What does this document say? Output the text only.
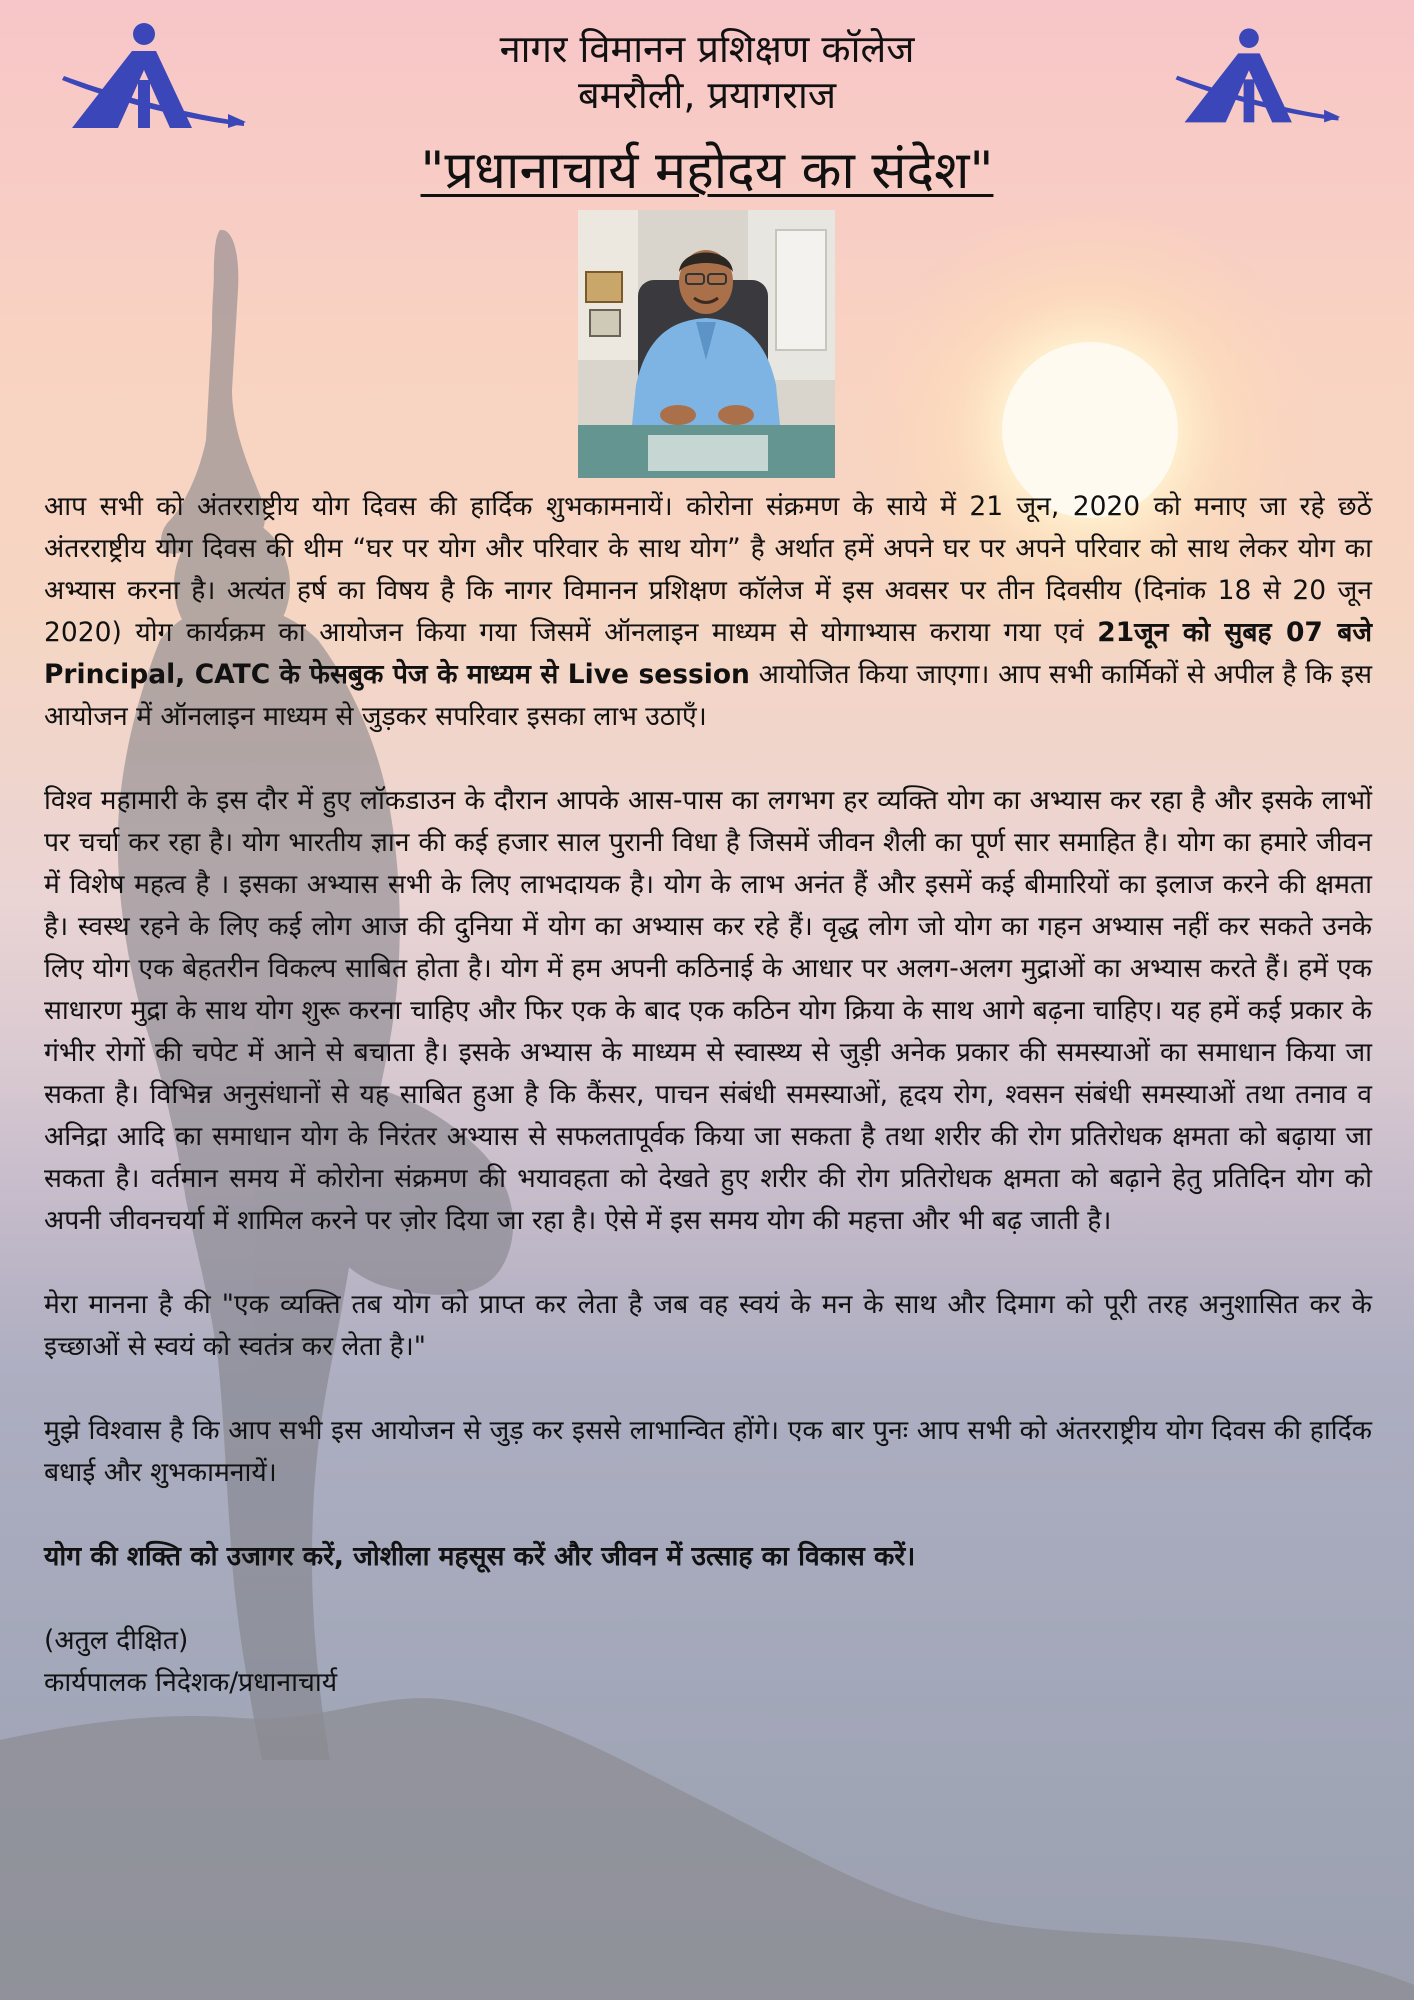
नागर विमानन प्रशिक्षण कॉलेज
बमरौली, प्रयागराज
"प्रधानाचार्य महोदय का संदेश"

आप सभी को अंतरराष्ट्रीय योग दिवस की हार्दिक शुभकामनायें। कोरोना संक्रमण के साये में 21 जून, 2020 को मनाए जा रहे छठें अंतरराष्ट्रीय योग दिवस की थीम “घर पर योग और परिवार के साथ योग” है अर्थात हमें अपने घर पर अपने परिवार को साथ लेकर योग का अभ्यास करना है। अत्यंत हर्ष का विषय है कि नागर विमानन प्रशिक्षण कॉलेज में इस अवसर पर तीन दिवसीय (दिनांक 18 से 20 जून 2020) योग कार्यक्रम का आयोजन किया गया जिसमें ऑनलाइन माध्यम से योगाभ्यास कराया गया एवं 21जून को सुबह 07 बजे Principal, CATC के फेसबुक पेज के माध्यम से Live session आयोजित किया जाएगा। आप सभी कार्मिकों से अपील है कि इस आयोजन में ऑनलाइन माध्यम से जुड़कर सपरिवार इसका लाभ उठाएँ।

विश्व महामारी के इस दौर में हुए लॉकडाउन के दौरान आपके आस-पास का लगभग हर व्यक्ति योग का अभ्यास कर रहा है और इसके लाभों पर चर्चा कर रहा है। योग भारतीय ज्ञान की कई हजार साल पुरानी विधा है जिसमें जीवन शैली का पूर्ण सार समाहित है। योग का हमारे जीवन में विशेष महत्व है । इसका अभ्यास सभी के लिए लाभदायक है। योग के लाभ अनंत हैं और इसमें कई बीमारियों का इलाज करने की क्षमता है। स्वस्थ रहने के लिए कई लोग आज की दुनिया में योग का अभ्यास कर रहे हैं। वृद्ध लोग जो योग का गहन अभ्यास नहीं कर सकते उनके लिए योग एक बेहतरीन विकल्प साबित होता है। योग में हम अपनी कठिनाई के आधार पर अलग-अलग मुद्राओं का अभ्यास करते हैं। हमें एक साधारण मुद्रा के साथ योग शुरू करना चाहिए और फिर एक के बाद एक कठिन योग क्रिया के साथ आगे बढ़ना चाहिए। यह हमें कई प्रकार के गंभीर रोगों की चपेट में आने से बचाता है। इसके अभ्यास के माध्यम से स्वास्थ्य से जुड़ी अनेक प्रकार की समस्याओं का समाधान किया जा सकता है। विभिन्न अनुसंधानों से यह साबित हुआ है कि कैंसर, पाचन संबंधी समस्याओं, हृदय रोग, श्वसन संबंधी समस्याओं तथा तनाव व अनिद्रा आदि का समाधान योग के निरंतर अभ्यास से सफलतापूर्वक किया जा सकता है तथा शरीर की रोग प्रतिरोधक क्षमता को बढ़ाया जा सकता है। वर्तमान समय में कोरोना संक्रमण की भयावहता को देखते हुए शरीर की रोग प्रतिरोधक क्षमता को बढ़ाने हेतु प्रतिदिन योग को अपनी जीवनचर्या में शामिल करने पर ज़ोर दिया जा रहा है। ऐसे में इस समय योग की महत्ता और भी बढ़ जाती है।

मेरा मानना है की "एक व्यक्ति तब योग को प्राप्त कर लेता है जब वह स्वयं के मन के साथ और दिमाग को पूरी तरह अनुशासित कर के इच्छाओं से स्वयं को स्वतंत्र कर लेता है।"

मुझे विश्वास है कि आप सभी इस आयोजन से जुड़ कर इससे लाभान्वित होंगे। एक बार पुनः आप सभी को अंतरराष्ट्रीय योग दिवस की हार्दिक बधाई और शुभकामनायें।

योग की शक्ति को उजागर करें, जोशीला महसूस करें और जीवन में उत्साह का विकास करें।

(अतुल दीक्षित)

कार्यपालक निदेशक/प्रधानाचार्य
